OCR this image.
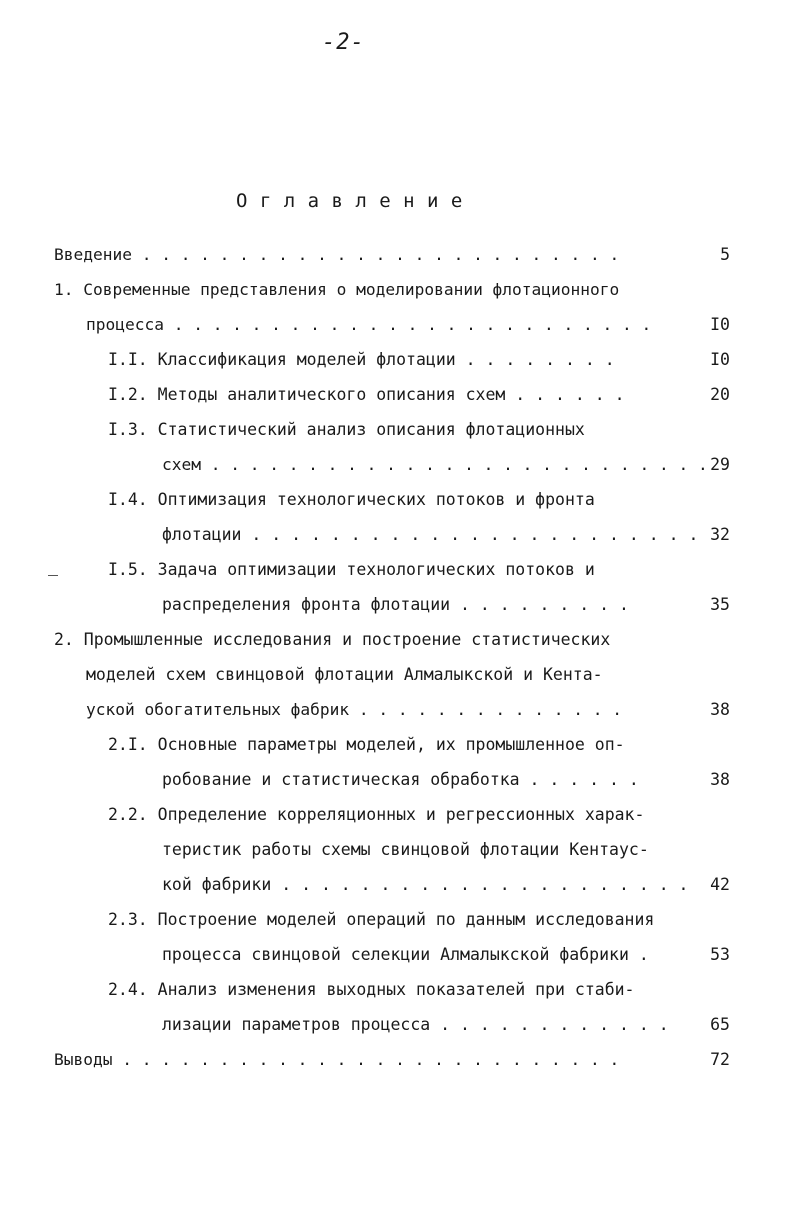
-2-
О г л а в л е н и е
Введение . . . . . . . . . . . . . . . . . . . . . . . . .	5
1. Современные представления о моделировании флотационного
процесса . . . . . . . . . . . . . . . . . . . . . . . . .	I0
I.I. Классификация моделей флотации . . . . . . . .	I0
I.2. Методы аналитического описания схем . . . . . .	20
I.3. Статистический анализ описания флотационных
схем . . . . . . . . . . . . . . . . . . . . . . . . . . 29
I.4. Оптимизация технологических потоков и фронта
флотации . . . . . . . . . . . . . . . . . . . . . . . 32
I.5. Задача оптимизации технологических потоков и
распределения фронта флотации . . . . . . . . .	35
2. Промышленные исследования и построение статистических
моделей схем свинцовой флотации Алмалыкской и Кента-
уской обогатительных фабрик . . . . . . . . . . . . . .	38
2.I. Основные параметры моделей, их промышленное оп-
робование и статистическая обработка . . . . . .	38
2.2. Определение корреляционных и регрессионных харак-
теристик работы схемы свинцовой флотации Кентаус-
кой фабрики . . . . . . . . . . . . . . . . . . . . .	42
2.3. Построение моделей операций по данным исследования
процесса свинцовой селекции Алмалыкской фабрики .	53
2.4. Анализ изменения выходных показателей при стаби-
лизации параметров процесса . . . . . . . . . . . .	65
Выводы . . . . . . . . . . . . . . . . . . . . . . . . . .	72
